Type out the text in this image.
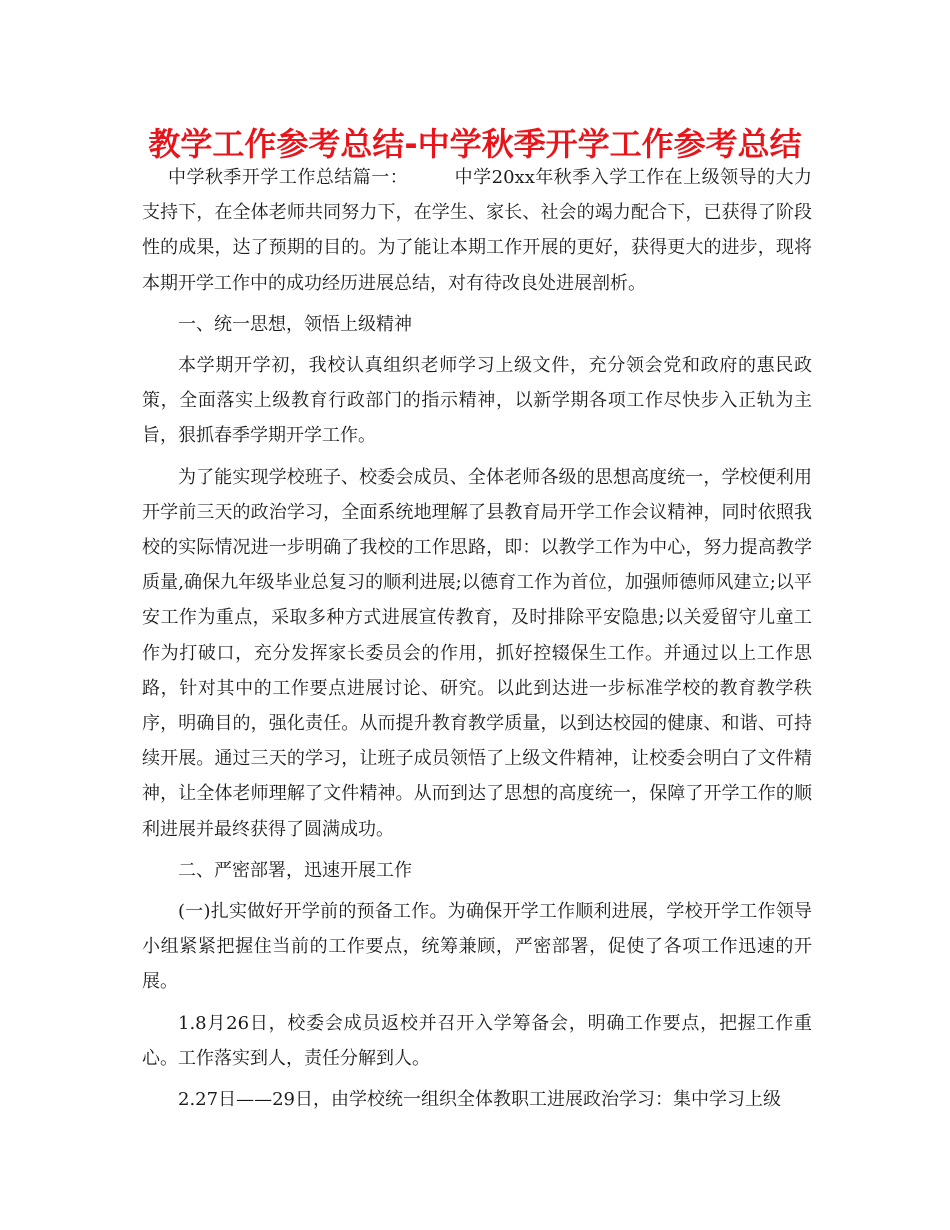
教学工作参考总结-中学秋季开学工作参考总结

中学秋季开学工作总结篇一：	中学20xx年秋季入学工作在上级领导的大力支持下，在全体老师共同努力下，在学生、家长、社会的竭力配合下，已获得了阶段性的成果，达了预期的目的。为了能让本期工作开展的更好，获得更大的进步，现将本期开学工作中的成功经历进展总结，对有待改良处进展剖析。

一、统一思想，领悟上级精神

本学期开学初，我校认真组织老师学习上级文件，充分领会党和政府的惠民政策，全面落实上级教育行政部门的指示精神，以新学期各项工作尽快步入正轨为主旨，狠抓春季学期开学工作。

为了能实现学校班子、校委会成员、全体老师各级的思想高度统一，学校便利用开学前三天的政治学习，全面系统地理解了县教育局开学工作会议精神，同时依照我校的实际情况进一步明确了我校的工作思路，即：以教学工作为中心，努力提高教学质量,确保九年级毕业总复习的顺利进展;以德育工作为首位，加强师德师风建立;以平安工作为重点，采取多种方式进展宣传教育，及时排除平安隐患;以关爱留守儿童工作为打破口，充分发挥家长委员会的作用，抓好控辍保生工作。并通过以上工作思路，针对其中的工作要点进展讨论、研究。以此到达进一步标准学校的教育教学秩序，明确目的，强化责任。从而提升教育教学质量，以到达校园的健康、和谐、可持续开展。通过三天的学习，让班子成员领悟了上级文件精神，让校委会明白了文件精神，让全体老师理解了文件精神。从而到达了思想的高度统一，保障了开学工作的顺利进展并最终获得了圆满成功。

二、严密部署，迅速开展工作

(一)扎实做好开学前的预备工作。为确保开学工作顺利进展，学校开学工作领导小组紧紧把握住当前的工作要点，统筹兼顾，严密部署，促使了各项工作迅速的开展。

1.8月26日，校委会成员返校并召开入学筹备会，明确工作要点，把握工作重心。工作落实到人，责任分解到人。

2.27日——29日，由学校统一组织全体教职工进展政治学习：集中学习上级
